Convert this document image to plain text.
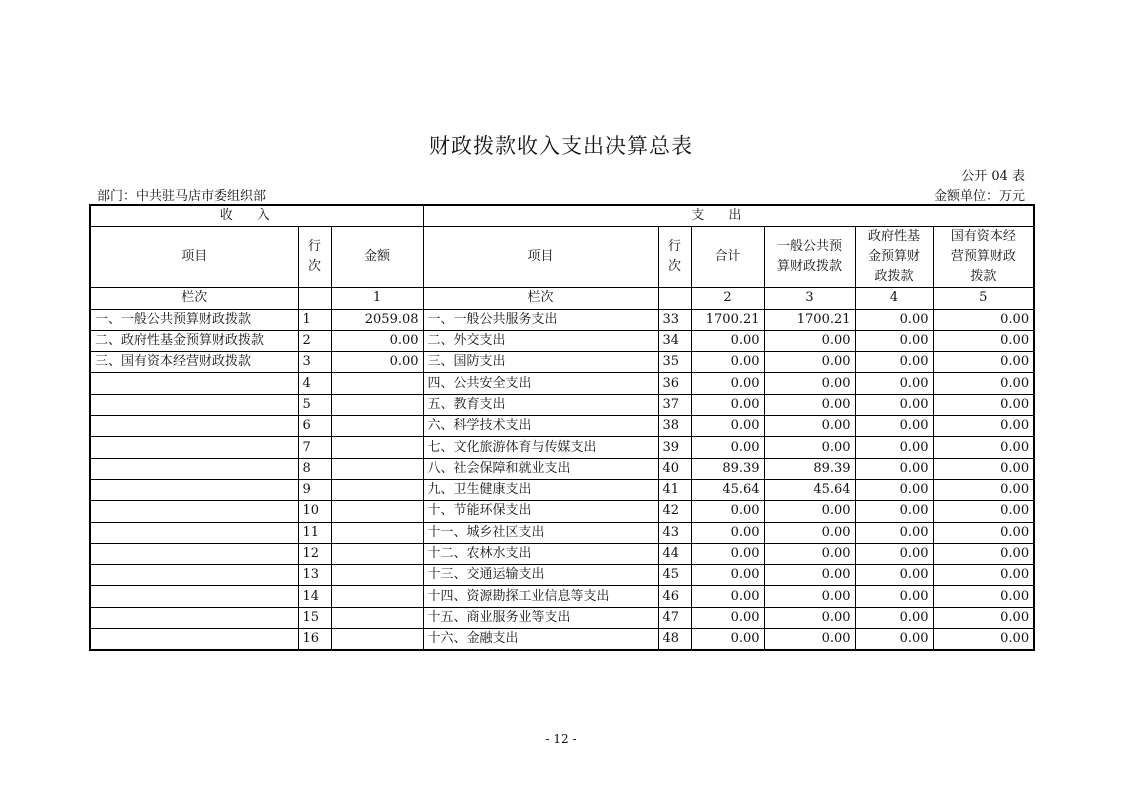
财政拨款收入支出决算总表
公开 04 表
部门：中共驻马店市委组织部	金额单位：万元
收入			支出					
项目	行次	金额	项目	行次	合计	一般公共预算财政拨款	政府性基金预算财政拨款	国有资本经营预算财政拨款
栏次		1	栏次		2	3	4	5
一、一般公共预算财政拨款	1	2059.08	一、一般公共服务支出	33	1700.21	1700.21	0.00	0.00
二、政府性基金预算财政拨款	2	0.00	二、外交支出	34	0.00	0.00	0.00	0.00
三、国有资本经营财政拨款	3	0.00	三、国防支出	35	0.00	0.00	0.00	0.00
	4		四、公共安全支出	36	0.00	0.00	0.00	0.00
	5		五、教育支出	37	0.00	0.00	0.00	0.00
	6		六、科学技术支出	38	0.00	0.00	0.00	0.00
	7		七、文化旅游体育与传媒支出	39	0.00	0.00	0.00	0.00
	8		八、社会保障和就业支出	40	89.39	89.39	0.00	0.00
	9		九、卫生健康支出	41	45.64	45.64	0.00	0.00
	10		十、节能环保支出	42	0.00	0.00	0.00	0.00
	11		十一、城乡社区支出	43	0.00	0.00	0.00	0.00
	12		十二、农林水支出	44	0.00	0.00	0.00	0.00
	13		十三、交通运输支出	45	0.00	0.00	0.00	0.00
	14		十四、资源勘探工业信息等支出	46	0.00	0.00	0.00	0.00
	15		十五、商业服务业等支出	47	0.00	0.00	0.00	0.00
	16		十六、金融支出	48	0.00	0.00	0.00	0.00
- 12 -
